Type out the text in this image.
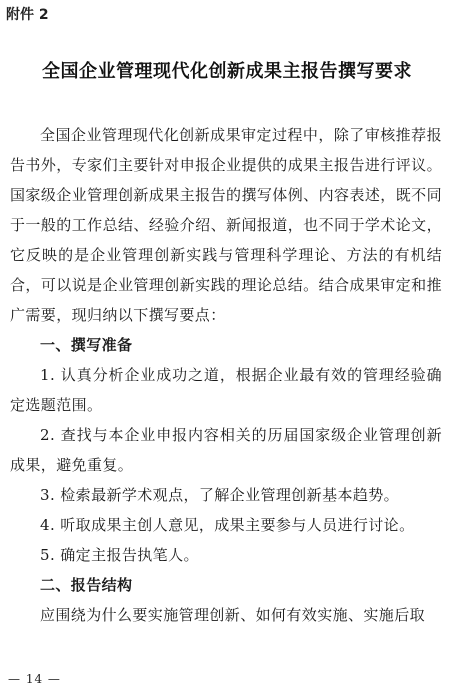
附件 2
全国企业管理现代化创新成果主报告撰写要求

全国企业管理现代化创新成果审定过程中，除了审核推荐报告书外，专家们主要针对申报企业提供的成果主报告进行评议。国家级企业管理创新成果主报告的撰写体例、内容表述，既不同于一般的工作总结、经验介绍、新闻报道，也不同于学术论文，它反映的是企业管理创新实践与管理科学理论、方法的有机结合，可以说是企业管理创新实践的理论总结。结合成果审定和推广需要，现归纳以下撰写要点：

一、撰写准备

1. 认真分析企业成功之道，根据企业最有效的管理经验确定选题范围。

2. 查找与本企业申报内容相关的历届国家级企业管理创新成果，避免重复。

3. 检索最新学术观点，了解企业管理创新基本趋势。

4. 听取成果主创人意见，成果主要参与人员进行讨论。

5. 确定主报告执笔人。

二、报告结构

应围绕为什么要实施管理创新、如何有效实施、实施后取

— 14 —
